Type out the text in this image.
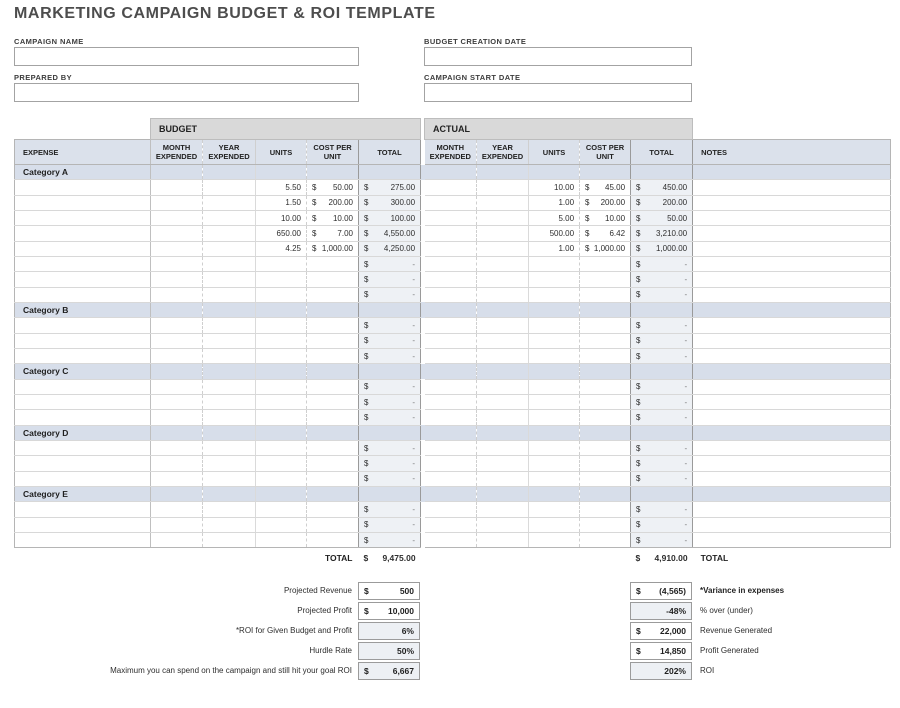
MARKETING CAMPAIGN BUDGET & ROI TEMPLATE
CAMPAIGN NAME
PREPARED BY
BUDGET CREATION DATE
CAMPAIGN START DATE
	BUDGET						ACTUAL					
EXPENSE	MONTH EXPENDED	YEAR EXPENDED	UNITS	COST PER UNIT	TOTAL		MONTH EXPENDED	YEAR EXPENDED	UNITS	COST PER UNIT	TOTAL	NOTES
Category A												
			5.50	$ 50.00	$ 275.00				10.00	$ 45.00	$ 450.00	
			1.50	$ 200.00	$ 300.00				1.00	$ 200.00	$ 200.00	
			10.00	$ 10.00	$ 100.00				5.00	$ 10.00	$ 50.00	
			650.00	$ 7.00	$ 4,550.00				500.00	$ 6.42	$ 3,210.00	
			4.25	$ 1,000.00	$ 4,250.00				1.00	$ 1,000.00	$ 1,000.00	

					$ -						$ -	

					$ -						$ -	

					$ -						$ -	
Category B												

					$ -						$ -	

					$ -						$ -	

					$ -						$ -	
Category C												

					$ -						$ -	

					$ -						$ -	

					$ -						$ -	
Category D												

					$ -						$ -	

					$ -						$ -	

					$ -						$ -	
Category E												

					$ -						$ -	

					$ -						$ -	

					$ -						$ -	
TOTAL					$ 9,475.00						$ 4,910.00	TOTAL
Projected Revenue $	500	$ (4,565)	*Variance in expenses
Projected Profit $ 10,000	-48%	% over (under)
*ROI for Given Budget and Profit	6%	$ 22,000	Revenue Generated
Hurdle Rate	50%	$ 14,850	Profit Generated
Maximum you can spend on the campaign and still hit your goal ROI $	6,667	202%	ROI
